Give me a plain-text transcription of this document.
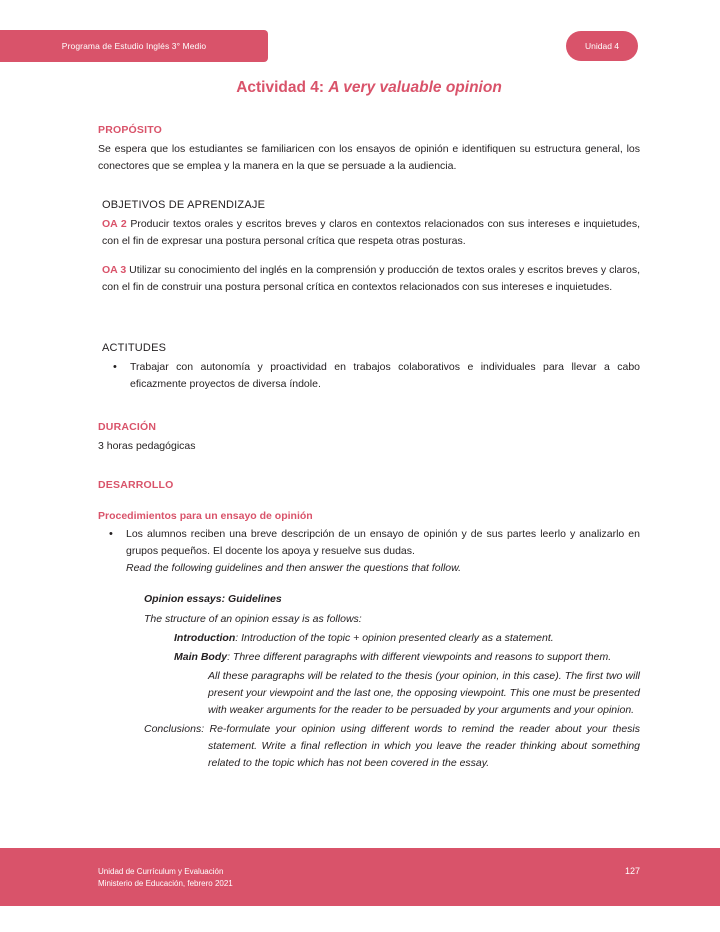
Programa de Estudio Inglés 3° Medio	Unidad 4
Actividad 4: A very valuable opinion
PROPÓSITO

Se espera que los estudiantes se familiaricen con los ensayos de opinión e identifiquen su estructura general, los conectores que se emplea y la manera en la que se persuade a la audiencia.

OBJETIVOS DE APRENDIZAJE

OA 2 Producir textos orales y escritos breves y claros en contextos relacionados con sus intereses e inquietudes, con el fin de expresar una postura personal crítica que respeta otras posturas.

OA 3 Utilizar su conocimiento del inglés en la comprensión y producción de textos orales y escritos breves y claros, con el fin de construir una postura personal crítica en contextos relacionados con sus intereses e inquietudes.

ACTITUDES
• Trabajar con autonomía y proactividad en trabajos colaborativos e individuales para llevar a cabo eficazmente proyectos de diversa índole.
DURACIÓN

3 horas pedagógicas

DESARROLLO
Procedimientos para un ensayo de opinión
• Los alumnos reciben una breve descripción de un ensayo de opinión y de sus partes leerlo y analizarlo en grupos pequeños. El docente los apoya y resuelve sus dudas.
Read the following guidelines and then answer the questions that follow.
Opinion essays: Guidelines

The structure of an opinion essay is as follows:

Introduction: Introduction of the topic + opinion presented clearly as a statement.

Main Body: Three different paragraphs with different viewpoints and reasons to support them.

All these paragraphs will be related to the thesis (your opinion, in this case). The first two will present your viewpoint and the last one, the opposing viewpoint. This one must be presented with weaker arguments for the reader to be persuaded by your arguments and your opinion.

Conclusions: Re-formulate your opinion using different words to remind the reader about your thesis statement. Write a final reflection in which you leave the reader thinking about something related to the topic which has not been covered in the essay.

Unidad de Currículum y Evaluación
Ministerio de Educación, febrero 2021
127
